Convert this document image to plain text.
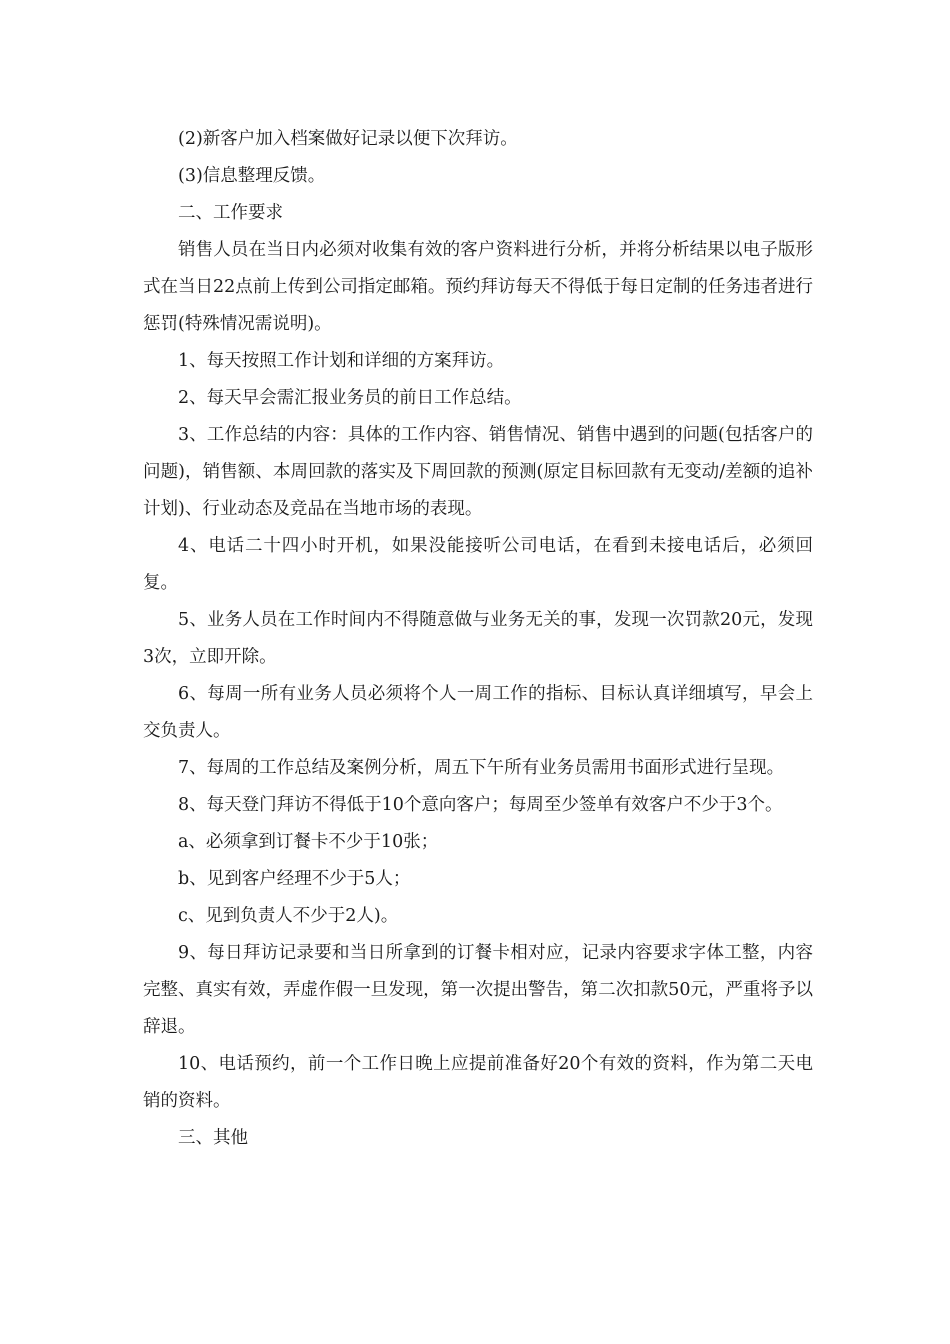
(2)新客户加入档案做好记录以便下次拜访。

(3)信息整理反馈。

二、工作要求

销售人员在当日内必须对收集有效的客户资料进行分析，并将分析结果以电子版形式在当日22点前上传到公司指定邮箱。预约拜访每天不得低于每日定制的任务违者进行惩罚(特殊情况需说明)。

1、每天按照工作计划和详细的方案拜访。

2、每天早会需汇报业务员的前日工作总结。

3、工作总结的内容：具体的工作内容、销售情况、销售中遇到的问题(包括客户的问题)，销售额、本周回款的落实及下周回款的预测(原定目标回款有无变动/差额的追补计划)、行业动态及竞品在当地市场的表现。

4、电话二十四小时开机，如果没能接听公司电话，在看到未接电话后，必须回复。

5、业务人员在工作时间内不得随意做与业务无关的事，发现一次罚款20元，发现3次，立即开除。

6、每周一所有业务人员必须将个人一周工作的指标、目标认真详细填写，早会上交负责人。

7、每周的工作总结及案例分析，周五下午所有业务员需用书面形式进行呈现。

8、每天登门拜访不得低于10个意向客户；每周至少签单有效客户不少于3个。

a、必须拿到订餐卡不少于10张；

b、见到客户经理不少于5人；

c、见到负责人不少于2人)。

9、每日拜访记录要和当日所拿到的订餐卡相对应，记录内容要求字体工整，内容完整、真实有效，弄虚作假一旦发现，第一次提出警告，第二次扣款50元，严重将予以辞退。

10、电话预约，前一个工作日晚上应提前准备好20个有效的资料，作为第二天电销的资料。

三、其他
